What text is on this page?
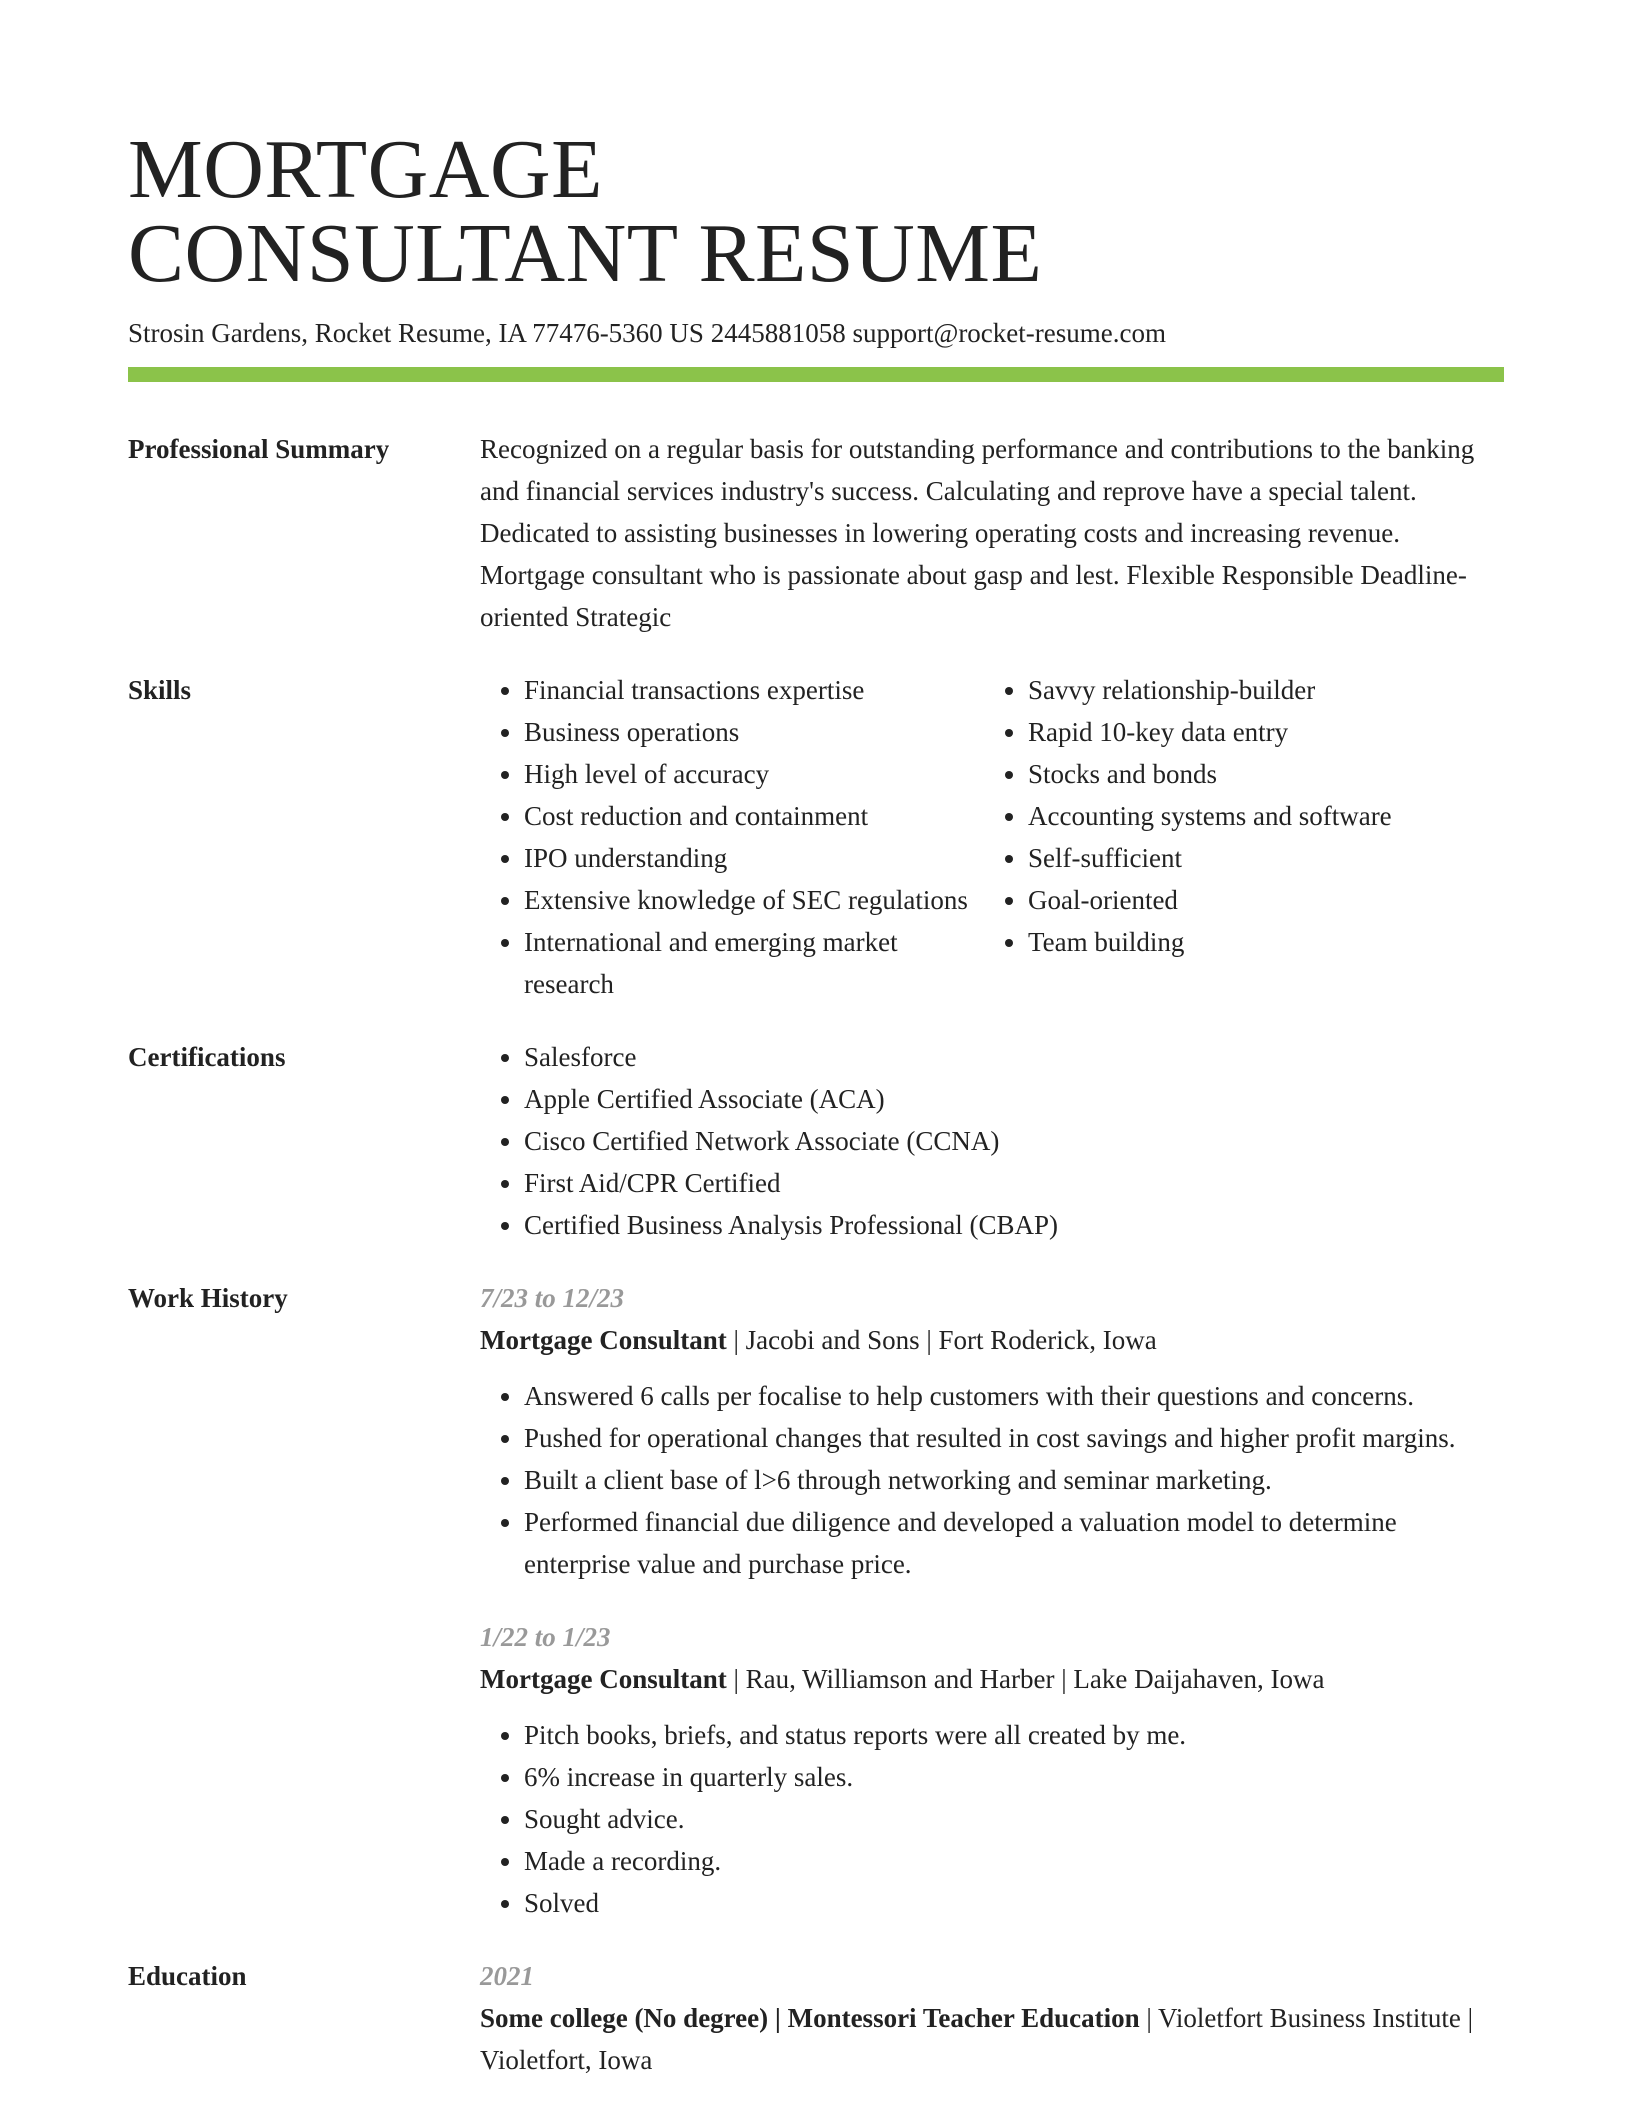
MORTGAGE
CONSULTANT RESUME
Strosin Gardens, Rocket Resume, IA 77476-5360 US 2445881058 support@rocket-resume.com
Professional Summary	Recognized on a regular basis for outstanding performance and contributions to the banking and financial services industry's success. Calculating and reprove have a special talent. Dedicated to assisting businesses in lowering operating costs and increasing revenue. Mortgage consultant who is passionate about gasp and lest. Flexible Responsible Deadline-oriented Strategic
Skills	• Financial transactions expertise
• Business operations
• High level of accuracy
• Cost reduction and containment
• IPO understanding
• Extensive knowledge of SEC regulations
• International and emerging market research
• Savvy relationship-builder
• Rapid 10-key data entry
• Stocks and bonds
• Accounting systems and software
• Self-sufficient
• Goal-oriented
• Team building
Certifications	• Salesforce
• Apple Certified Associate (ACA)
• Cisco Certified Network Associate (CCNA)
• First Aid/CPR Certified
• Certified Business Analysis Professional (CBAP)
Work History	7/23 to 12/23
Mortgage Consultant | Jacobi and Sons | Fort Roderick, Iowa
• Answered 6 calls per focalise to help customers with their questions and concerns.
• Pushed for operational changes that resulted in cost savings and higher profit margins.
• Built a client base of l>6 through networking and seminar marketing.
• Performed financial due diligence and developed a valuation model to determine enterprise value and purchase price.
1/22 to 1/23
Mortgage Consultant | Rau, Williamson and Harber | Lake Daijahaven, Iowa
• Pitch books, briefs, and status reports were all created by me.
• 6% increase in quarterly sales.
• Sought advice.
• Made a recording.
• Solved
Education	2021
Some college (No degree) | Montessori Teacher Education | Violetfort Business Institute | Violetfort, Iowa
